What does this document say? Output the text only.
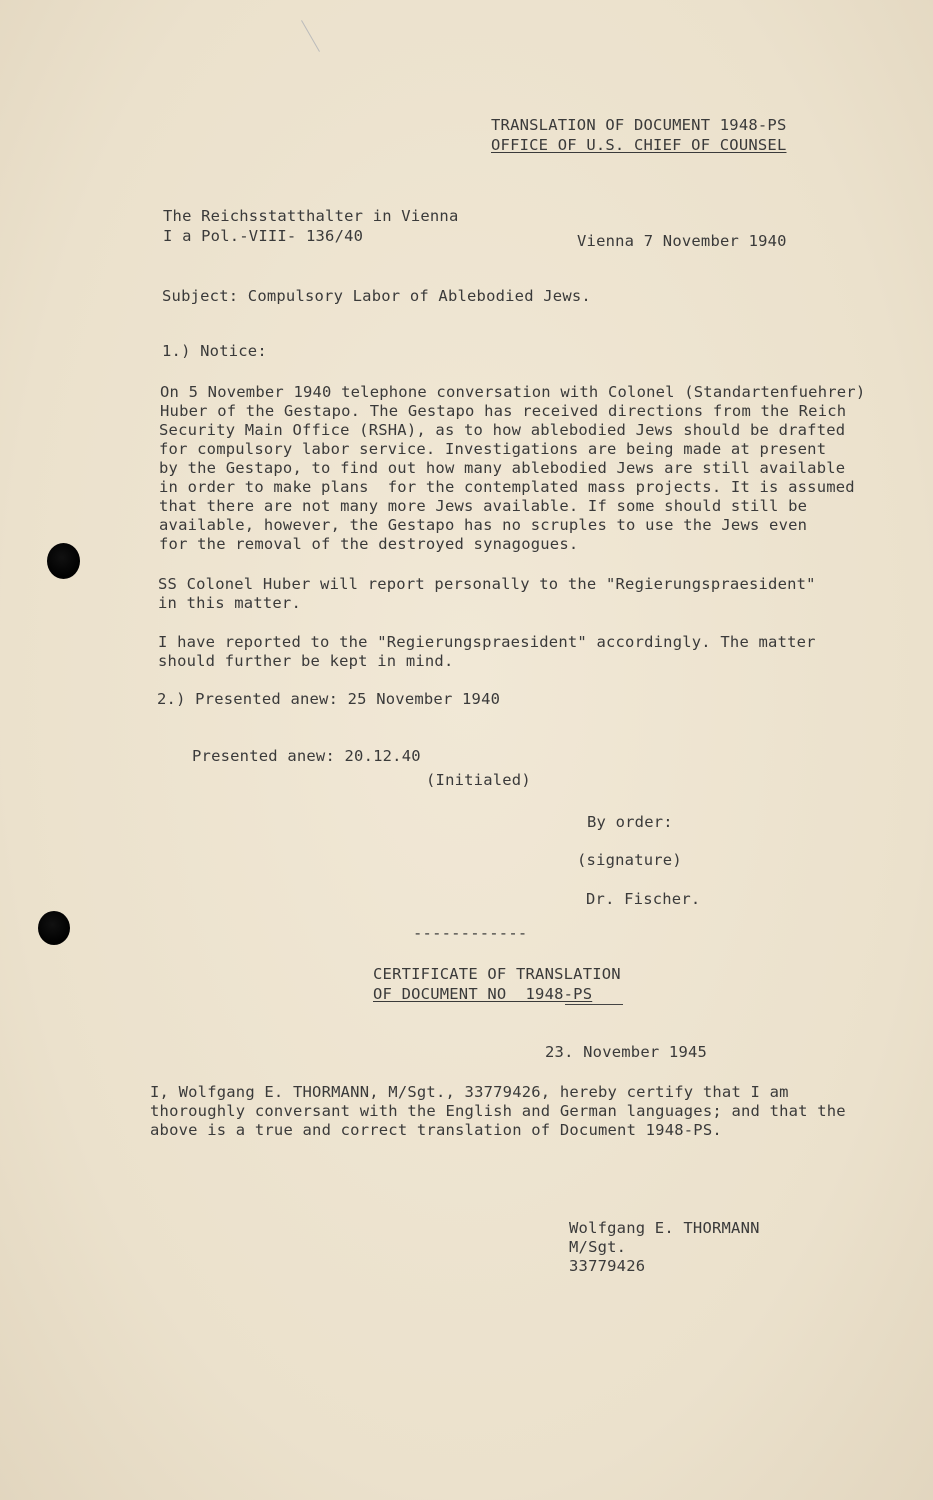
TRANSLATION OF DOCUMENT 1948-PS
OFFICE OF U.S. CHIEF OF COUNSEL
The Reichsstatthalter in Vienna
I a Pol.-VIII- 136/40	Vienna 7 November 1940
Subject: Compulsory Labor of Ablebodied Jews.
1.) Notice:
On 5 November 1940 telephone conversation with Colonel (Standartenfuehrer)
Huber of the Gestapo. The Gestapo has received directions from the Reich
Security Main Office (RSHA), as to how ablebodied Jews should be drafted
for compulsory labor service. Investigations are being made at present
by the Gestapo, to find out how many ablebodied Jews are still available
in order to make plans  for the contemplated mass projects. It is assumed
that there are not many more Jews available. If some should still be
available, however, the Gestapo has no scruples to use the Jews even
for the removal of the destroyed synagogues.
SS Colonel Huber will report personally to the "Regierungspraesident"
in this matter.
I have reported to the "Regierungspraesident" accordingly. The matter
should further be kept in mind.
2.) Presented anew: 25 November 1940
Presented anew: 20.12.40
(Initialed)
By order:
(signature)
Dr. Fischer.
------------
CERTIFICATE OF TRANSLATION
OF DOCUMENT NO  1948-PS
23. November 1945
I, Wolfgang E. THORMANN, M/Sgt., 33779426, hereby certify that I am
thoroughly conversant with the English and German languages; and that the
above is a true and correct translation of Document 1948-PS.
Wolfgang E. THORMANN
M/Sgt.
33779426
